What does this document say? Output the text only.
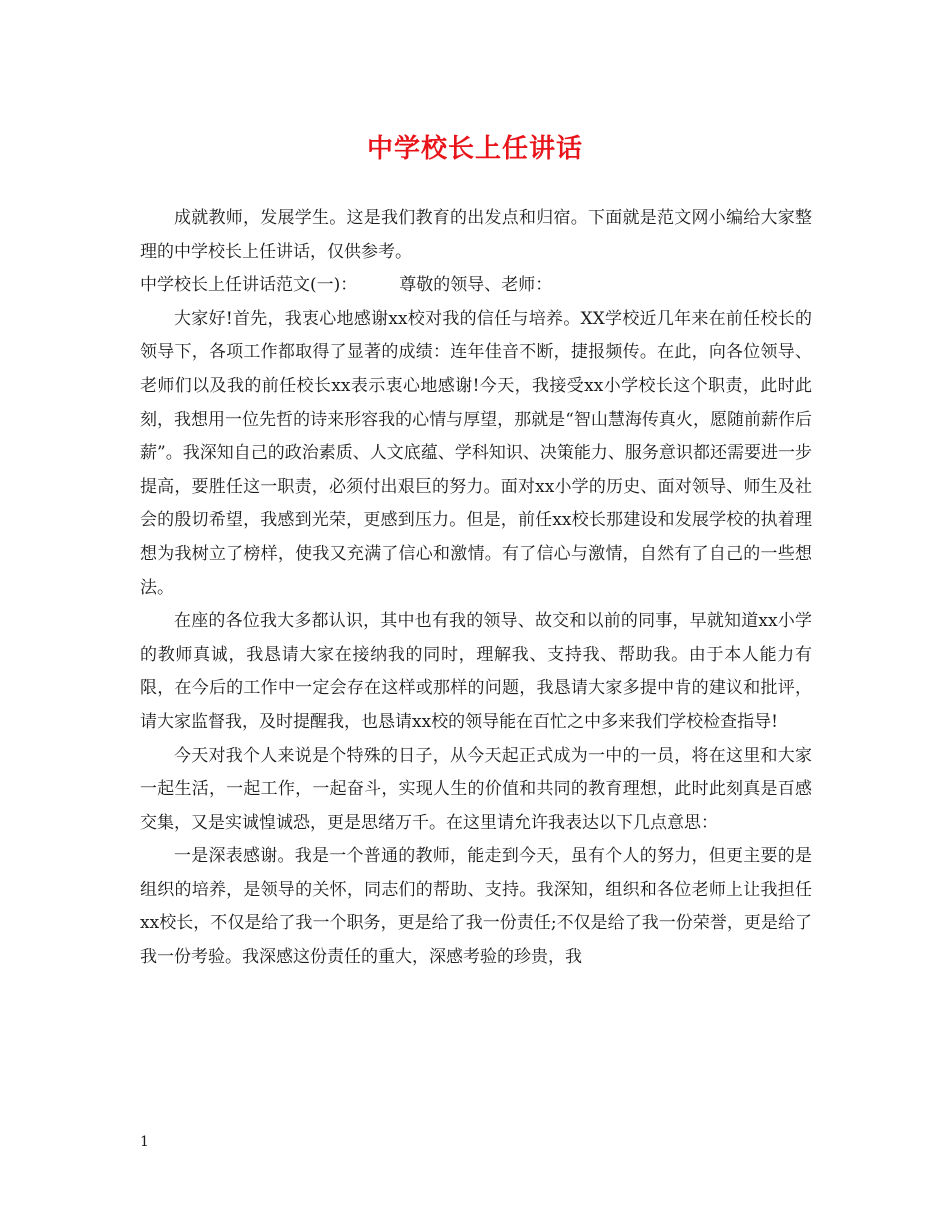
中学校长上任讲话

成就教师，发展学生。这是我们教育的出发点和归宿。下面就是范文网小编给大家整理的中学校长上任讲话，仅供参考。

中学校长上任讲话范文(一)： 尊敬的领导、老师：

大家好!首先，我衷心地感谢xx校对我的信任与培养。XX学校近几年来在前任校长的领导下，各项工作都取得了显著的成绩：连年佳音不断，捷报频传。在此，向各位领导、老师们以及我的前任校长xx表示衷心地感谢!今天，我接受xx小学校长这个职责，此时此刻，我想用一位先哲的诗来形容我的心情与厚望，那就是“智山慧海传真火，愿随前薪作后薪”。我深知自己的政治素质、人文底蕴、学科知识、决策能力、服务意识都还需要进一步提高，要胜任这一职责，必须付出艰巨的努力。面对xx小学的历史、面对领导、师生及社会的殷切希望，我感到光荣，更感到压力。但是，前任xx校长那建设和发展学校的执着理想为我树立了榜样，使我又充满了信心和激情。有了信心与激情，自然有了自己的一些想法。

在座的各位我大多都认识，其中也有我的领导、故交和以前的同事，早就知道xx小学的教师真诚，我恳请大家在接纳我的同时，理解我、支持我、帮助我。由于本人能力有限，在今后的工作中一定会存在这样或那样的问题，我恳请大家多提中肯的建议和批评，请大家监督我，及时提醒我，也恳请xx校的领导能在百忙之中多来我们学校检查指导!

今天对我个人来说是个特殊的日子，从今天起正式成为一中的一员，将在这里和大家一起生活，一起工作，一起奋斗，实现人生的价值和共同的教育理想，此时此刻真是百感交集，又是实诚惶诚恐，更是思绪万千。在这里请允许我表达以下几点意思：

一是深表感谢。我是一个普通的教师，能走到今天，虽有个人的努力，但更主要的是组织的培养，是领导的关怀，同志们的帮助、支持。我深知，组织和各位老师上让我担任xx校长，不仅是给了我一个职务，更是给了我一份责任;不仅是给了我一份荣誉，更是给了我一份考验。我深感这份责任的重大，深感考验的珍贵，我

1
